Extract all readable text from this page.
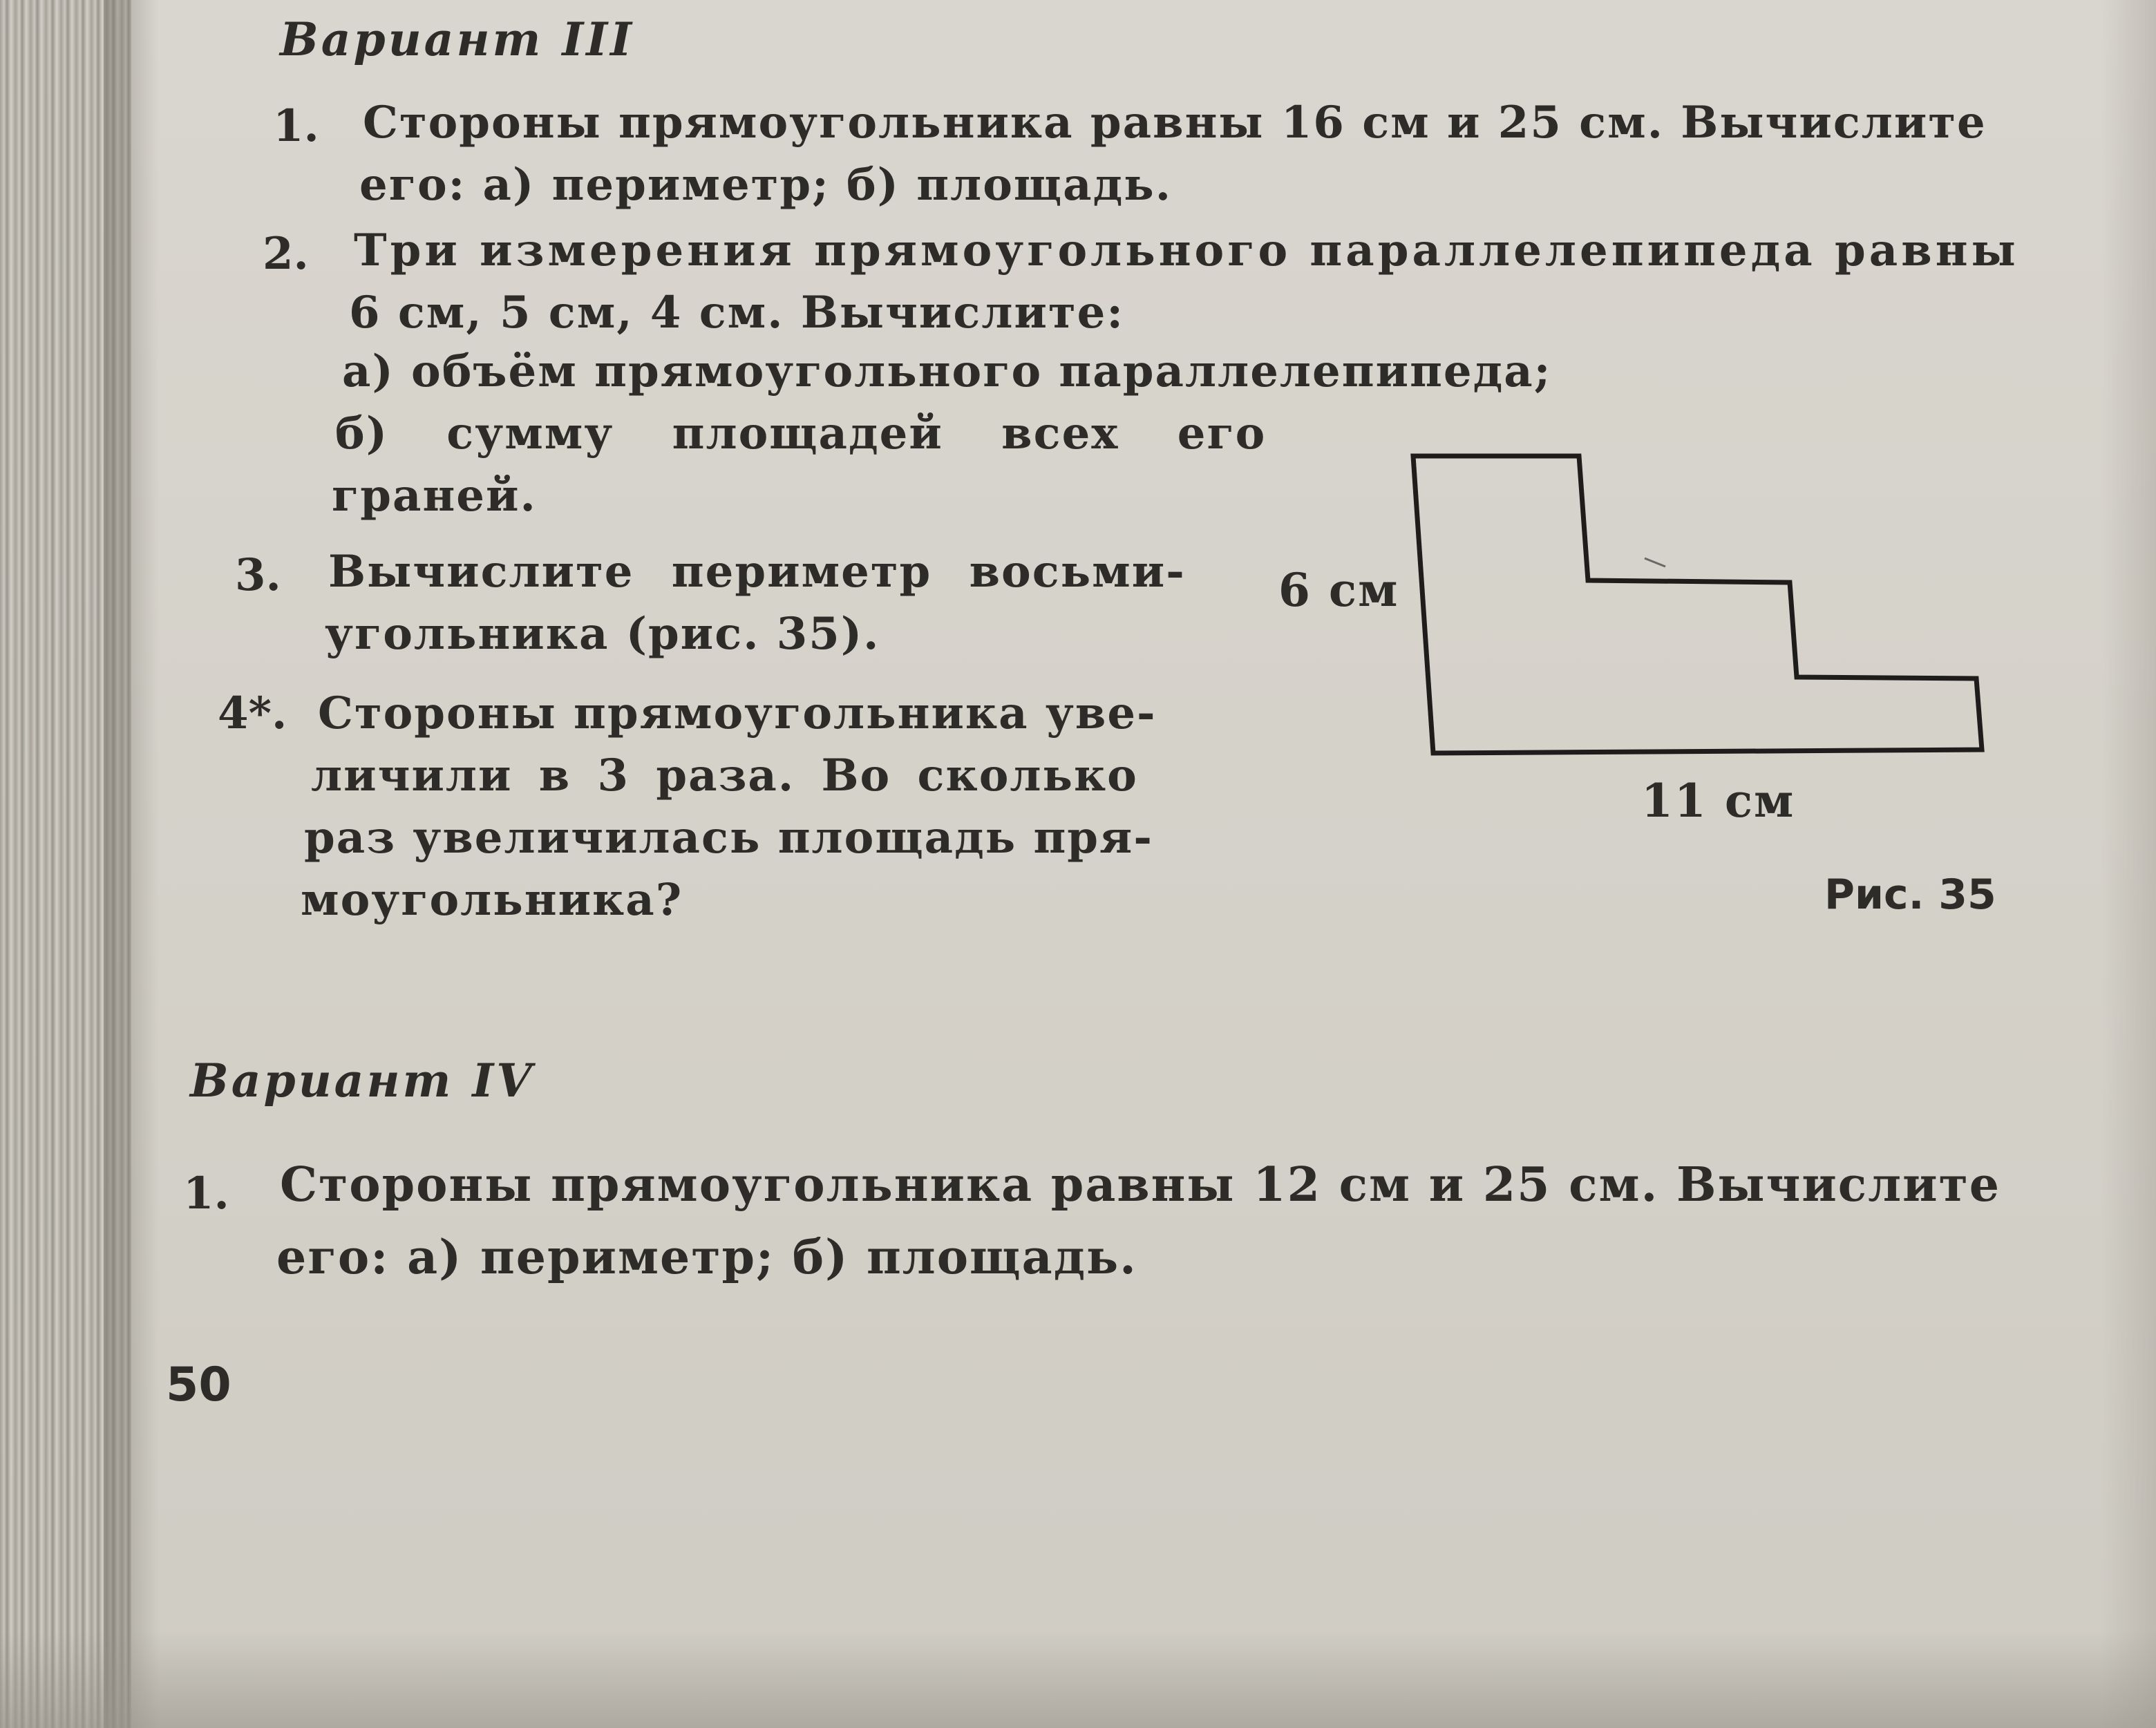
Вариант III
1. Стороны прямоугольника равны 16 см и 25 см. Вычислите
его: а) периметр; б) площадь.
2. Три измерения прямоугольного параллелепипеда равны
6 см, 5 см, 4 см. Вычислите:
а) объём прямоугольного параллелепипеда;
б) сумму площадей всех его
граней.
3. Вычислите периметр восьми-
угольника (рис. 35).
4*. Стороны прямоугольника уве-
личили в 3 раза. Во сколько
раз увеличилась площадь пря-
моугольника?
6 см
11 см
Рис. 35
Вариант IV
1. Стороны прямоугольника равны 12 см и 25 см. Вычислите
его: а) периметр; б) площадь.
50
